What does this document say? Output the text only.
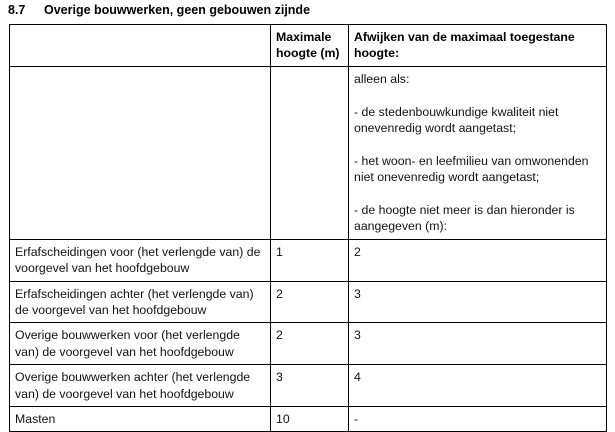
8.7	Overige bouwwerken, geen gebouwen zijnde
	Maximale hoogte (m)	Afwijken van de maximaal toegestane hoogte:

		alleen als:

- de stedenbouwkundige kwaliteit niet onevenredig wordt aangetast;

- het woon- en leefmilieu van omwonenden niet onevenredig wordt aangetast;

- de hoogte niet meer is dan hieronder is aangegeven (m):

Erfafscheidingen voor (het verlengde van) de voorgevel van het hoofdgebouw	1	2
Erfafscheidingen achter (het verlengde van) de voorgevel van het hoofdgebouw	2	3
Overige bouwwerken voor (het verlengde van) de voorgevel van het hoofdgebouw	2	3
Overige bouwwerken achter (het verlengde van) de voorgevel van het hoofdgebouw	3	4
Masten	10	-
